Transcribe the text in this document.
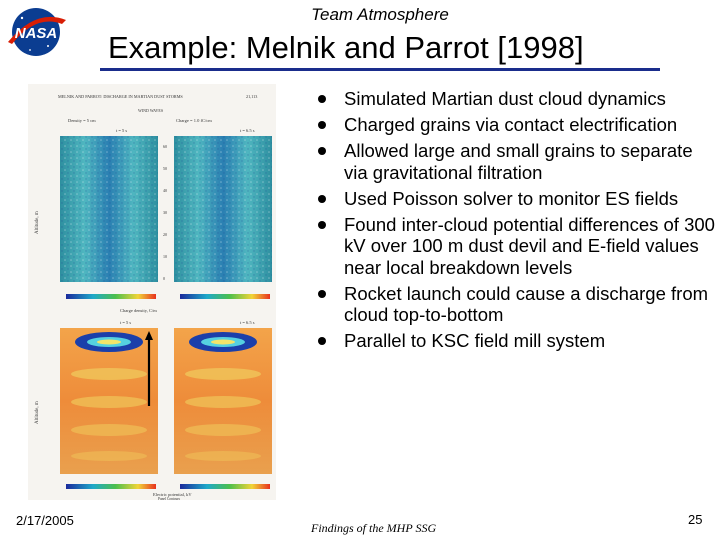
NASA
Team Atmosphere
Example: Melnik and Parrot [1998]
MELNIK AND PARROT: DISCHARGE IN MARTIAN DUST STORMS	21,113
WIND WAVES
Density = 5 cm	Charge = 1.0 fC/cm
t = 5 s	t = 6.5 s
Altitude, m
60
50
40
30
20
10
0
Charge density, C/m
t = 5 s	t = 6.5 s
Altitude, m
Electric potential, kV
Panel Contours
Simulated Martian dust cloud dynamics
Charged grains via contact electrification
Allowed large and small grains to separate via gravitational filtration
Used Poisson solver to monitor ES fields
Found inter-cloud potential differences of 300 kV over 100 m dust devil and E-field values near local breakdown levels
Rocket launch could cause a discharge from cloud top-to-bottom
Parallel to KSC field mill system
2/17/2005	Findings of the MHP SSG
25
